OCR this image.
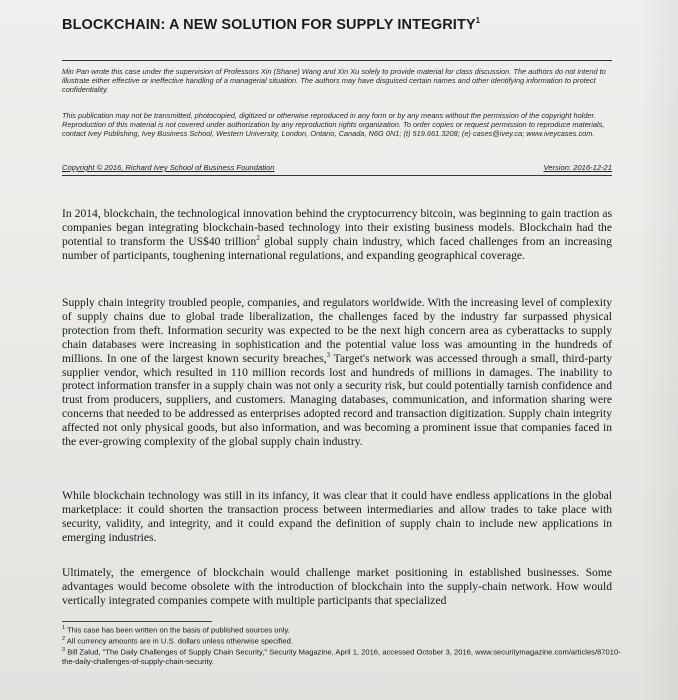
BLOCKCHAIN: A NEW SOLUTION FOR SUPPLY INTEGRITY$^1$

Min Pan wrote this case under the supervision of Professors Xin (Shane) Wang and Xin Xu solely to provide material for class discussion. The authors do not intend to illustrate either effective or ineffective handling of a managerial situation. The authors may have disguised certain names and other identifying information to protect confidentiality.

This publication may not be transmitted, photocopied, digitized or otherwise reproduced in any form or by any means without the permission of the copyright holder. Reproduction of this material is not covered under authorization by any reproduction rights organization. To order copies or request permission to reproduce materials, contact Ivey Publishing, Ivey Business School, Western University, London, Ontario, Canada, N6G 0N1; (t) 519.661.3208; (e) cases@ivey.ca; www.iveycases.com.

Copyright © 2016, Richard Ivey School of Business Foundation	Version: 2016-12-21

In 2014, blockchain, the technological innovation behind the cryptocurrency bitcoin, was beginning to gain traction as companies began integrating blockchain-based technology into their existing business models. Blockchain had the potential to transform the US$40 trillion$^2$ global supply chain industry, which faced challenges from an increasing number of participants, toughening international regulations, and expanding geographical coverage.

Supply chain integrity troubled people, companies, and regulators worldwide. With the increasing level of complexity of supply chains due to global trade liberalization, the challenges faced by the industry far surpassed physical protection from theft. Information security was expected to be the next high concern area as cyberattacks to supply chain databases were increasing in sophistication and the potential value loss was amounting in the hundreds of millions. In one of the largest known security breaches,$^3$ Target's network was accessed through a small, third-party supplier vendor, which resulted in 110 million records lost and hundreds of millions in damages. The inability to protect information transfer in a supply chain was not only a security risk, but could potentially tarnish confidence and trust from producers, suppliers, and customers. Managing databases, communication, and information sharing were concerns that needed to be addressed as enterprises adopted record and transaction digitization. Supply chain integrity affected not only physical goods, but also information, and was becoming a prominent issue that companies faced in the ever-growing complexity of the global supply chain industry.

While blockchain technology was still in its infancy, it was clear that it could have endless applications in the global marketplace: it could shorten the transaction process between intermediaries and allow trades to take place with security, validity, and integrity, and it could expand the definition of supply chain to include new applications in emerging industries.

Ultimately, the emergence of blockchain would challenge market positioning in established businesses. Some advantages would become obsolete with the introduction of blockchain into the supply-chain network. How would vertically integrated companies compete with multiple participants that specialized

$^1$ This case has been written on the basis of published sources only.
$^2$ All currency amounts are in U.S. dollars unless otherwise specified.
$^3$ Bill Zalud, "The Daily Challenges of Supply Chain Security," Security Magazine, April 1, 2016, accessed October 3, 2016, www.securitymagazine.com/articles/87010-the-daily-challenges-of-supply-chain-security.
